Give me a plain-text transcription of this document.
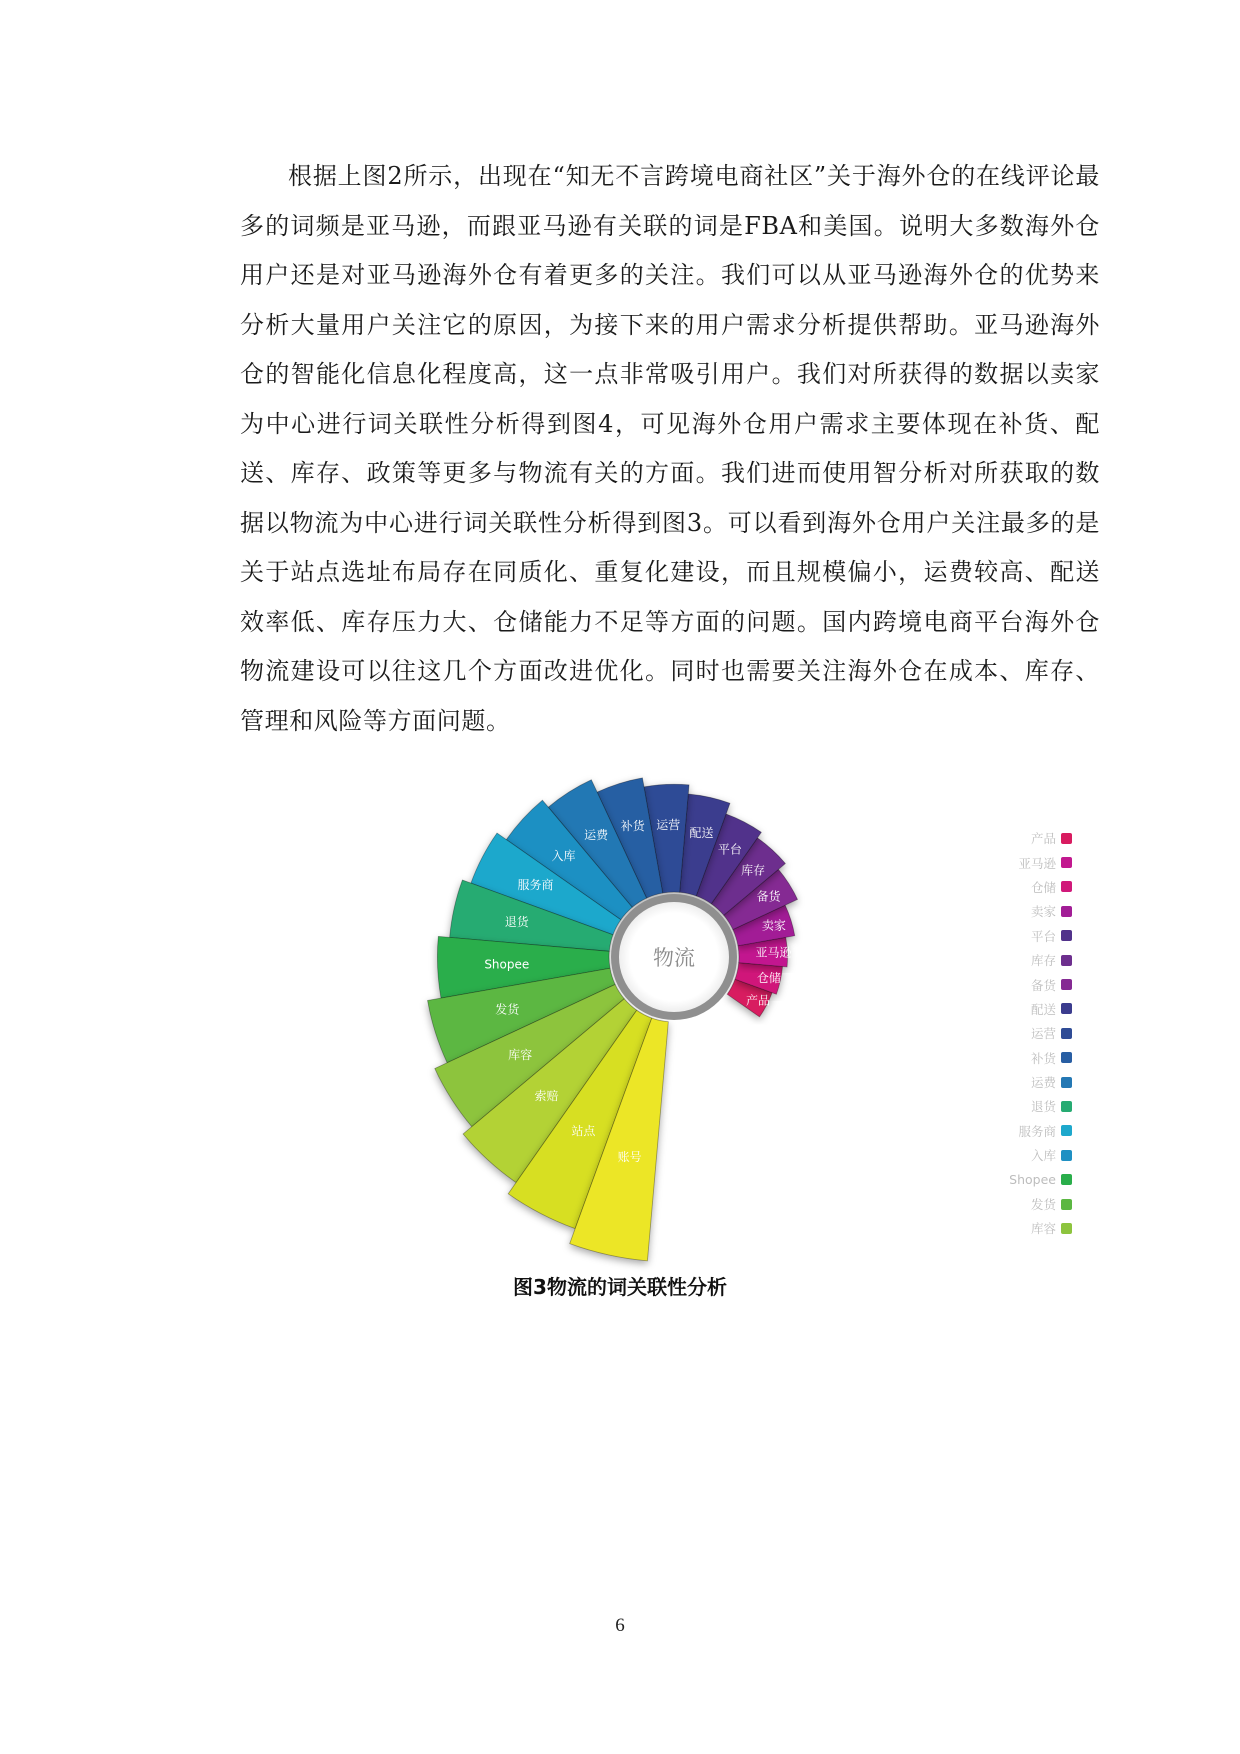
根据上图2所示，出现在“知无不言跨境电商社区”关于海外仓的在线评论最多的词频是亚马逊，而跟亚马逊有关联的词是FBA和美国。说明大多数海外仓用户还是对亚马逊海外仓有着更多的关注。我们可以从亚马逊海外仓的优势来分析大量用户关注它的原因，为接下来的用户需求分析提供帮助。亚马逊海外仓的智能化信息化程度高，这一点非常吸引用户。我们对所获得的数据以卖家为中心进行词关联性分析得到图4，可见海外仓用户需求主要体现在补货、配送、库存、政策等更多与物流有关的方面。我们进而使用智分析对所获取的数据以物流为中心进行词关联性分析得到图3。可以看到海外仓用户关注最多的是关于站点选址布局存在同质化、重复化建设，而且规模偏小，运费较高、配送效率低、库存压力大、仓储能力不足等方面的问题。国内跨境电商平台海外仓物流建设可以往这几个方面改进优化。同时也需要关注海外仓在成本、库存、管理和风险等方面问题。

产品
仓储
亚马逊
卖家
备货
库存
平台
配送
运营
补货
运费
入库
服务商
退货
Shopee
发货
库容
索赔
站点
账号
物流
产品
亚马逊
仓储
卖家
平台
库存
备货
配送
运营
补货
运费
退货
服务商
入库
Shopee
发货
库容
图3物流的词关联性分析
6
